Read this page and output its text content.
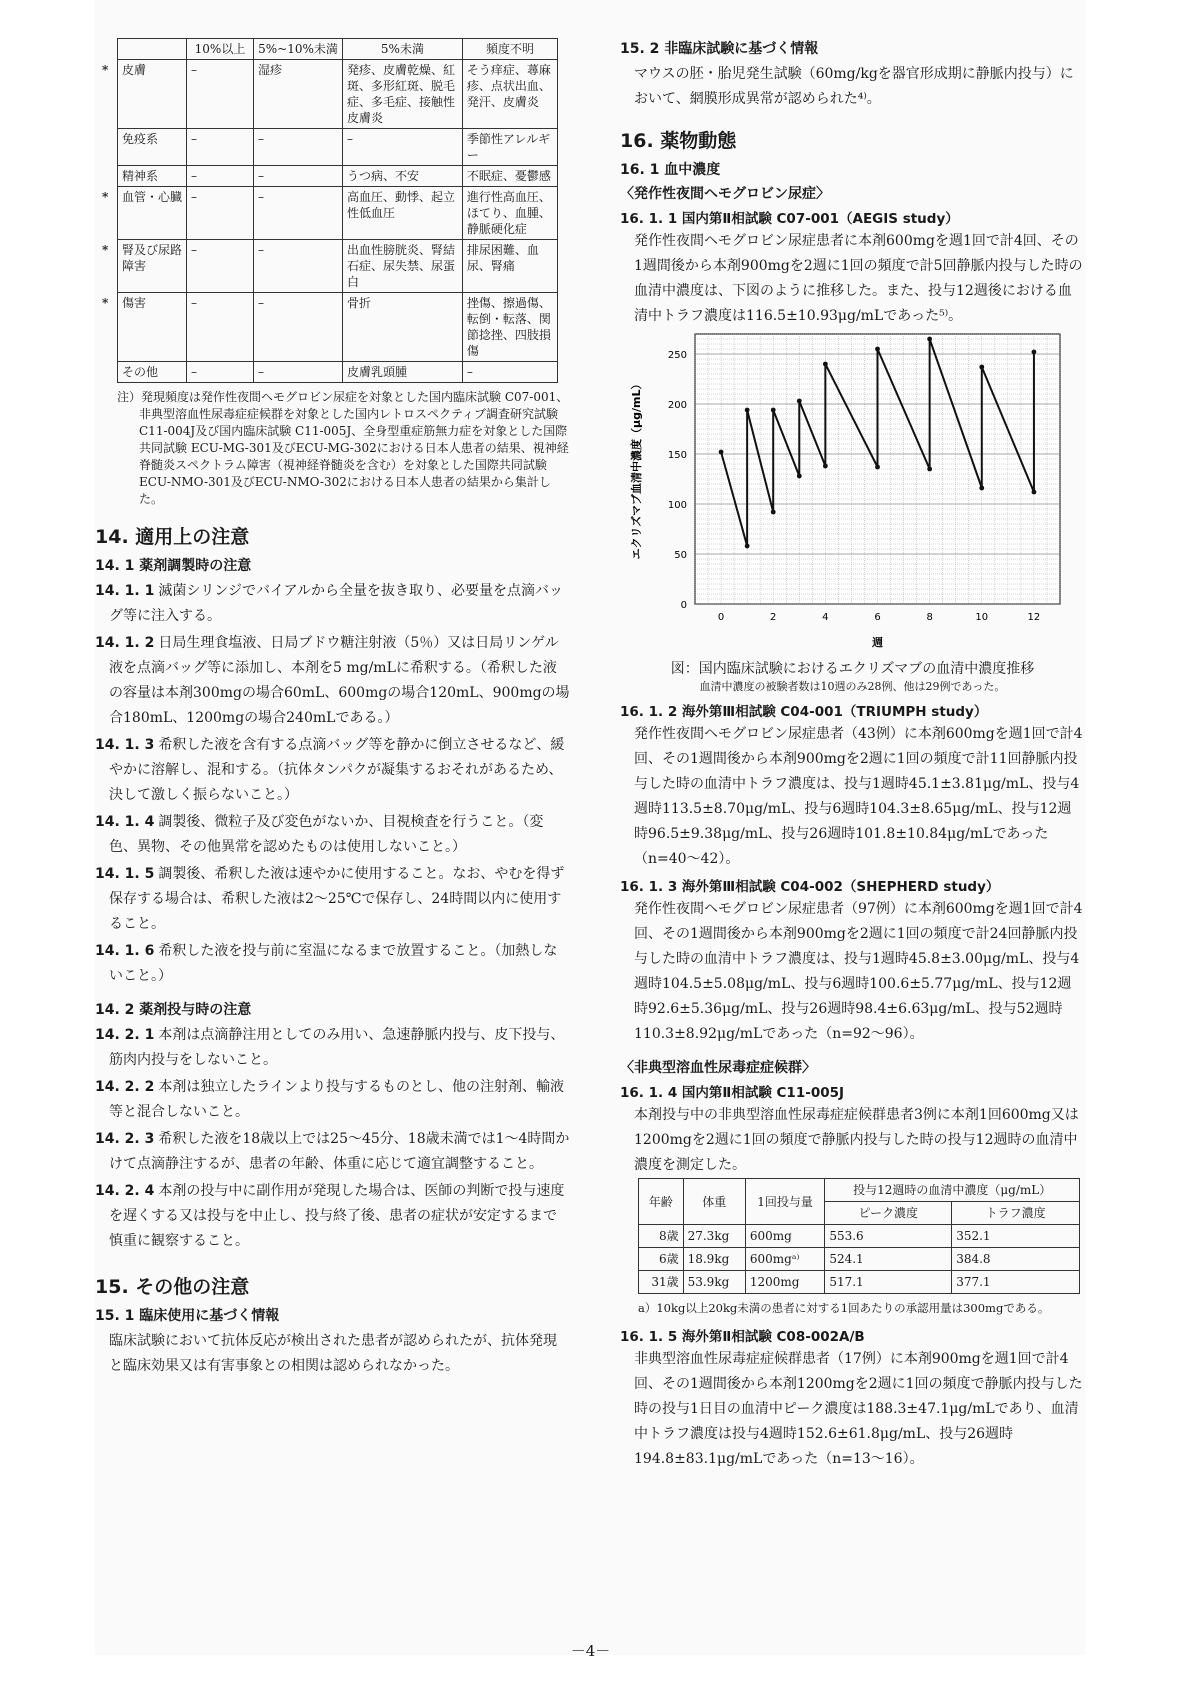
	10%以上	5%~10%未満	5%未満	頻度不明

* 皮膚	–	湿疹	発疹、皮膚乾燥、紅斑、多形紅斑、脱毛症、多毛症、接触性皮膚炎	そう痒症、蕁麻疹、点状出血、発汗、皮膚炎

免疫系	–	–	–	季節性アレルギー

精神系	–	–	うつ病、不安	不眠症、憂鬱感

* 血管・心臓	–	–	高血圧、動悸、起立性低血圧	進行性高血圧、ほてり、血腫、静脈硬化症

* 腎及び尿路障害	–	–	出血性膀胱炎、腎結石症、尿失禁、尿蛋白	排尿困難、血尿、腎痛

* 傷害	–	–	骨折	挫傷、擦過傷、転倒・転落、関節捻挫、四肢損傷

その他	–	–	皮膚乳頭腫	–
注）発現頻度は発作性夜間ヘモグロビン尿症を対象とした国内臨床試験 C07-001、非典型溶血性尿毒症症候群を対象とした国内レトロスペクティブ調査研究試験 C11-004J及び国内臨床試験 C11-005J、全身型重症筋無力症を対象とした国際共同試験 ECU-MG-301及びECU-MG-302における日本人患者の結果、視神経脊髄炎スペクトラム障害（視神経脊髄炎を含む）を対象とした国際共同試験 ECU-NMO-301及びECU-NMO-302における日本人患者の結果から集計した。
14. 適用上の注意
14. 1 薬剤調製時の注意
14. 1. 1 滅菌シリンジでバイアルから全量を抜き取り、必要量を点滴バッグ等に注入する。
14. 1. 2 日局生理食塩液、日局ブドウ糖注射液（5％）又は日局リンゲル液を点滴バッグ等に添加し、本剤を5 mg/mLに希釈する。（希釈した液の容量は本剤300mgの場合60mL、600mgの場合120mL、900mgの場合180mL、1200mgの場合240mLである。）
14. 1. 3 希釈した液を含有する点滴バッグ等を静かに倒立させるなど、緩やかに溶解し、混和する。（抗体タンパクが凝集するおそれがあるため、決して激しく振らないこと。）
14. 1. 4 調製後、微粒子及び変色がないか、目視検査を行うこと。（変色、異物、その他異常を認めたものは使用しないこと。）
14. 1. 5 調製後、希釈した液は速やかに使用すること。なお、やむを得ず保存する場合は、希釈した液は2～25℃で保存し、24時間以内に使用すること。
14. 1. 6 希釈した液を投与前に室温になるまで放置すること。（加熱しないこと。）
14. 2 薬剤投与時の注意
14. 2. 1 本剤は点滴静注用としてのみ用い、急速静脈内投与、皮下投与、筋肉内投与をしないこと。
14. 2. 2 本剤は独立したラインより投与するものとし、他の注射剤、輸液等と混合しないこと。
14. 2. 3 希釈した液を18歳以上では25～45分、18歳未満では1～4時間かけて点滴静注するが、患者の年齢、体重に応じて適宜調整すること。
14. 2. 4 本剤の投与中に副作用が発現した場合は、医師の判断で投与速度を遅くする又は投与を中止し、投与終了後、患者の症状が安定するまで慎重に観察すること。
15. その他の注意
15. 1 臨床使用に基づく情報
臨床試験において抗体反応が検出された患者が認められたが、抗体発現と臨床効果又は有害事象との相関は認められなかった。
15. 2 非臨床試験に基づく情報
マウスの胚・胎児発生試験（60mg/kgを器官形成期に静脈内投与）において、網膜形成異常が認められた⁴⁾。
16. 薬物動態
16. 1 血中濃度
〈発作性夜間ヘモグロビン尿症〉
16. 1. 1 国内第Ⅱ相試験 C07-001（AEGIS study）
発作性夜間ヘモグロビン尿症患者に本剤600mgを週1回で計4回、その1週間後から本剤900mgを2週に1回の頻度で計5回静脈内投与した時の血清中濃度は、下図のように推移した。また、投与12週後における血清中トラフ濃度は116.5±10.93μg/mLであった⁵⁾。
0
50
100
150
200
250
0	2	4	6	8	10	12
週
エクリズマブ血清中濃度（μg/mL）
図：国内臨床試験におけるエクリズマブの血清中濃度推移
血清中濃度の被験者数は10週のみ28例、他は29例であった。
16. 1. 2 海外第Ⅲ相試験 C04-001（TRIUMPH study）
発作性夜間ヘモグロビン尿症患者（43例）に本剤600mgを週1回で計4回、その1週間後から本剤900mgを2週に1回の頻度で計11回静脈内投与した時の血清中トラフ濃度は、投与1週時45.1±3.81μg/mL、投与4週時113.5±8.70μg/mL、投与6週時104.3±8.65μg/mL、投与12週時96.5±9.38μg/mL、投与26週時101.8±10.84μg/mLであった（n=40～42）。
16. 1. 3 海外第Ⅲ相試験 C04-002（SHEPHERD study）
発作性夜間ヘモグロビン尿症患者（97例）に本剤600mgを週1回で計4回、その1週間後から本剤900mgを2週に1回の頻度で計24回静脈内投与した時の血清中トラフ濃度は、投与1週時45.8±3.00μg/mL、投与4週時104.5±5.08μg/mL、投与6週時100.6±5.77μg/mL、投与12週時92.6±5.36μg/mL、投与26週時98.4±6.63μg/mL、投与52週時110.3±8.92μg/mLであった（n=92～96）。
〈非典型溶血性尿毒症症候群〉
16. 1. 4 国内第Ⅱ相試験 C11-005J
本剤投与中の非典型溶血性尿毒症症候群患者3例に本剤1回600mg又は1200mgを2週に1回の頻度で静脈内投与した時の投与12週時の血清中濃度を測定した。
年齢	体重	1回投与量	投与12週時の血清中濃度（μg/mL）	
			ピーク濃度	トラフ濃度
8歳	27.3kg	600mg	553.6	352.1
6歳	18.9kg	600mgᵃ⁾	524.1	384.8
31歳	53.9kg	1200mg	517.1	377.1
a）10kg以上20kg未満の患者に対する1回あたりの承認用量は300mgである。
16. 1. 5 海外第Ⅱ相試験 C08-002A/B
非典型溶血性尿毒症症候群患者（17例）に本剤900mgを週1回で計4回、その1週間後から本剤1200mgを2週に1回の頻度で静脈内投与した時の投与1日目の血清中ピーク濃度は188.3±47.1μg/mLであり、血清中トラフ濃度は投与4週時152.6±61.8μg/mL、投与26週時194.8±83.1μg/mLであった（n=13～16）。
－4－
